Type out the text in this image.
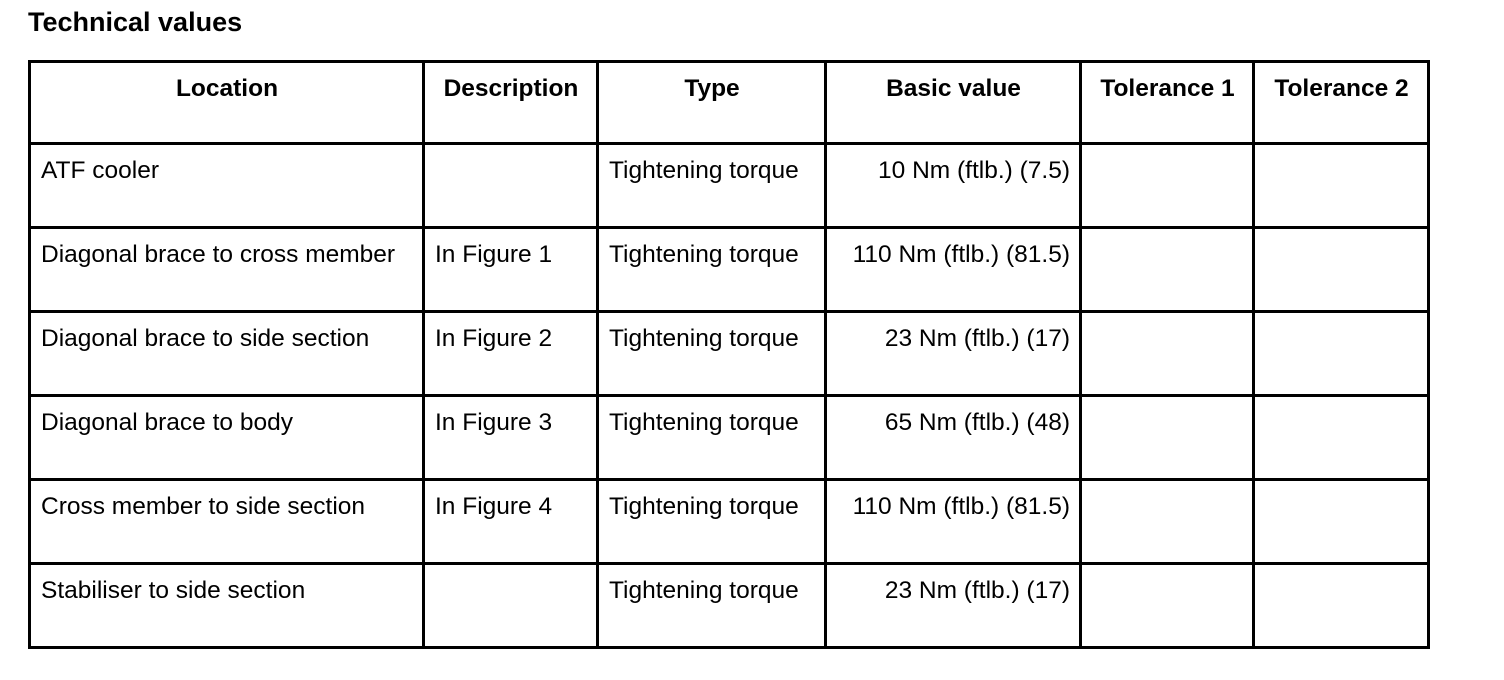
Technical values
Location	Description	Type	Basic value	Tolerance 1	Tolerance 2
ATF cooler		Tightening torque	10 Nm (ftlb.) (7.5)		
Diagonal brace to cross member	In Figure 1	Tightening torque	110 Nm (ftlb.) (81.5)		
Diagonal brace to side section	In Figure 2	Tightening torque	23 Nm (ftlb.) (17)		
Diagonal brace to body	In Figure 3	Tightening torque	65 Nm (ftlb.) (48)		
Cross member to side section	In Figure 4	Tightening torque	110 Nm (ftlb.) (81.5)		
Stabiliser to side section		Tightening torque	23 Nm (ftlb.) (17)		
